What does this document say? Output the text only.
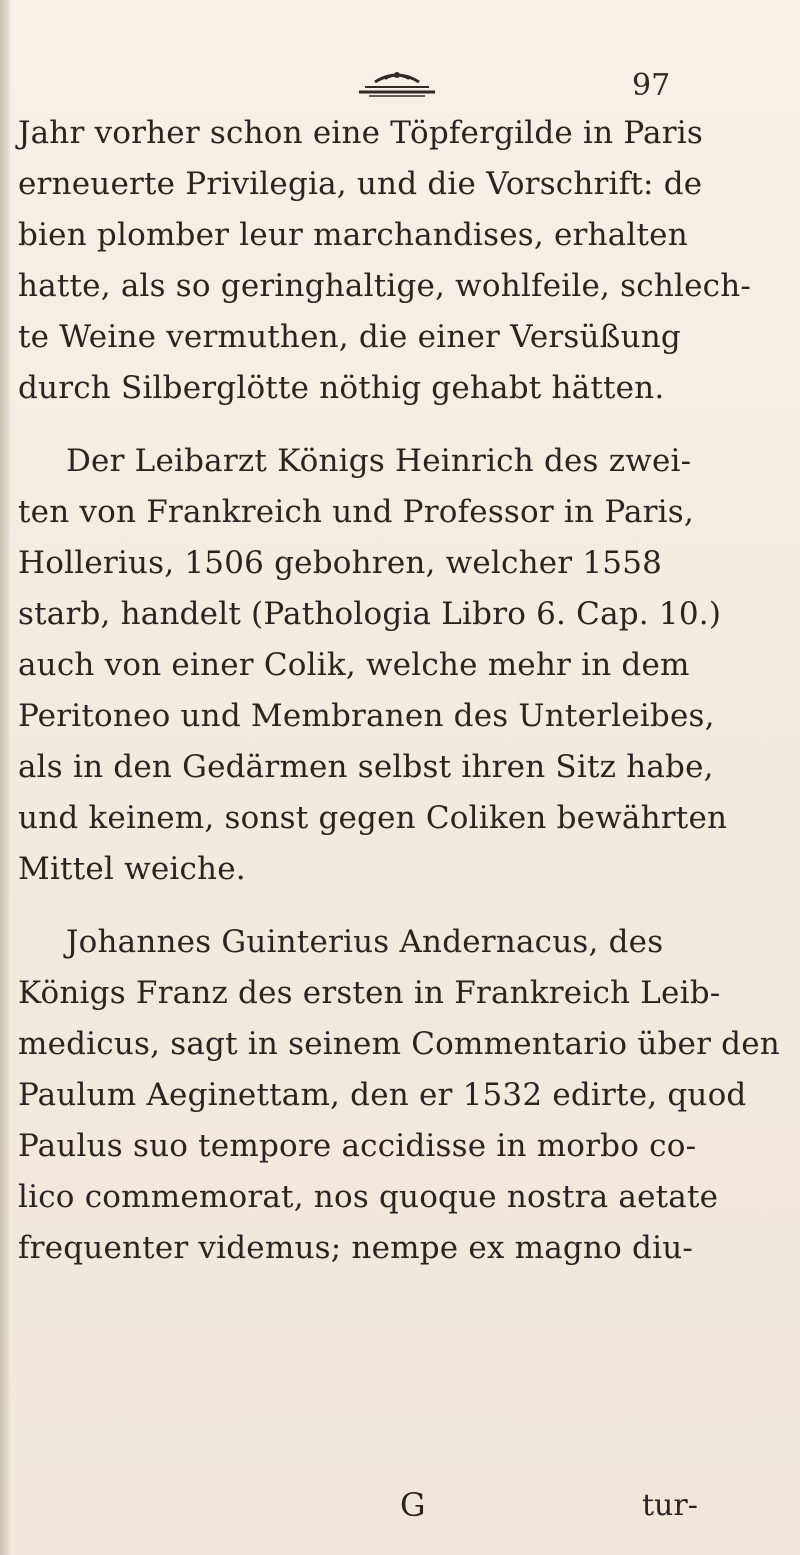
97
Jahr vorher schon eine Töpfergilde in Paris
erneuerte Privilegia, und die Vorschrift: de
bien plomber leur marchandises, erhalten
hatte, als so geringhaltige, wohlfeile, schlech-
te Weine vermuthen, die einer Versüßung
durch Silberglötte nöthig gehabt hätten.
Der Leibarzt Königs Heinrich des zwei-
ten von Frankreich und Professor in Paris,
Hollerius, 1506 gebohren, welcher 1558
starb, handelt (Pathologia Libro 6. Cap. 10.)
auch von einer Colik, welche mehr in dem
Peritoneo und Membranen des Unterleibes,
als in den Gedärmen selbst ihren Sitz habe,
und keinem, sonst gegen Coliken bewährten
Mittel weiche.
Johannes Guinterius Andernacus, des
Königs Franz des ersten in Frankreich Leib-
medicus, sagt in seinem Commentario über den
Paulum Aeginettam, den er 1532 edirte, quod
Paulus suo tempore accidisse in morbo co-
lico commemorat, nos quoque nostra aetate
frequenter videmus; nempe ex magno diu-
G	tur-
